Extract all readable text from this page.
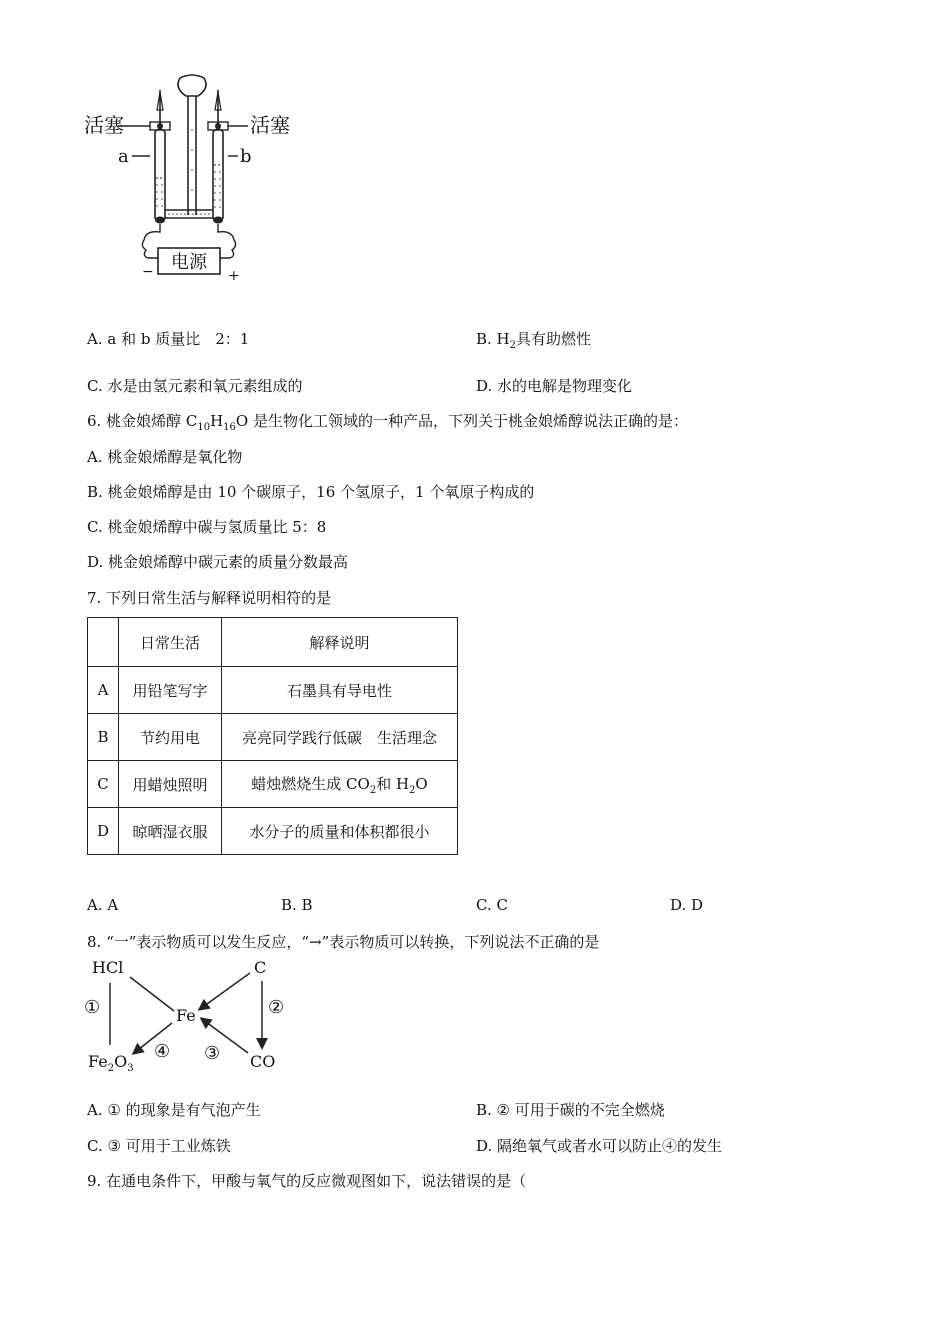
电源
−	+
活塞	活塞
a	b
A. a 和 b 质量比　2：1	B. $H_2$具有助燃性
C. 水是由氢元素和氧元素组成的	D. 水的电解是物理变化
6. 桃金娘烯醇 $C_{10}H_{16}O$ 是生物化工领域的一种产品，下列关于桃金娘烯醇说法正确的是：
A. 桃金娘烯醇是氧化物
B. 桃金娘烯醇是由 10 个碳原子，16 个氢原子，1 个氧原子构成的
C. 桃金娘烯醇中碳与氢质量比 5：8
D. 桃金娘烯醇中碳元素的质量分数最高
7. 下列日常生活与解释说明相符的是
	日常生活	解释说明
A	用铅笔写字	石墨具有导电性
B	节约用电	亮亮同学践行低碳　生活理念
C	用蜡烛照明	蜡烛燃烧生成 $CO_2$和 $H_2O$
D	晾晒湿衣服	水分子的质量和体积都很小
A. A	B. B	C. C	D. D
8. “一”表示物质可以发生反应，“→”表示物质可以转换，下列说法不正确的是
HCl	C
Fe
CO
$Fe_2O_3$
①	②
③
④
A. ① 的现象是有气泡产生	B. ② 可用于碳的不完全燃烧
C. ③ 可用于工业炼铁	D. 隔绝氧气或者水可以防止④的发生
9. 在通电条件下，甲酸与氧气的反应微观图如下，说法错误的是（
